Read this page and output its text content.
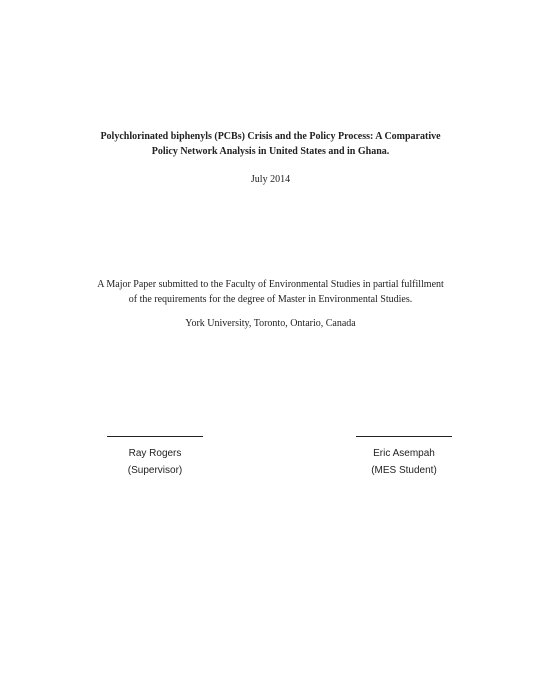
Polychlorinated biphenyls (PCBs) Crisis and the Policy Process: A Comparative
Policy Network Analysis in United States and in Ghana.
July 2014
A Major Paper submitted to the Faculty of Environmental Studies in partial fulfillment
of the requirements for the degree of Master in Environmental Studies.
York University, Toronto, Ontario, Canada
Ray Rogers
(Supervisor)
Eric Asempah
(MES Student)
